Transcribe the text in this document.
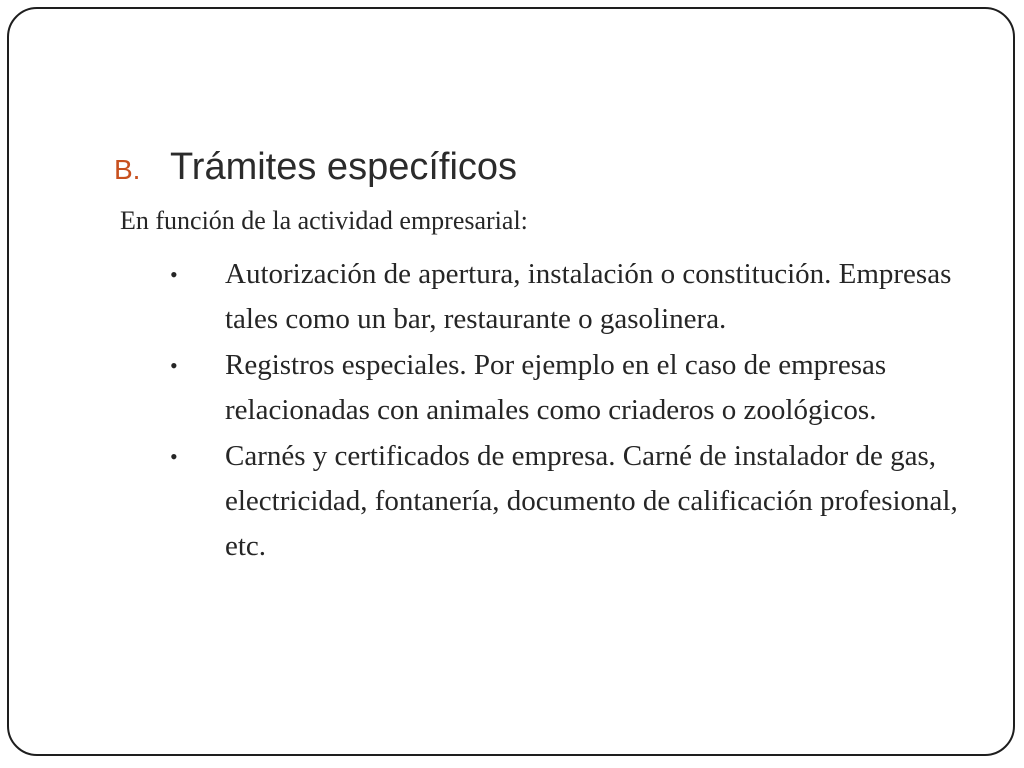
B. Trámites específicos
En función de la actividad empresarial:
• Autorización de apertura, instalación o constitución. Empresas tales como un bar, restaurante o gasolinera.
• Registros especiales. Por ejemplo en el caso de empresas relacionadas con animales como criaderos o zoológicos.
• Carnés y certificados de empresa. Carné de instalador de gas, electricidad, fontanería, documento de calificación profesional, etc.
